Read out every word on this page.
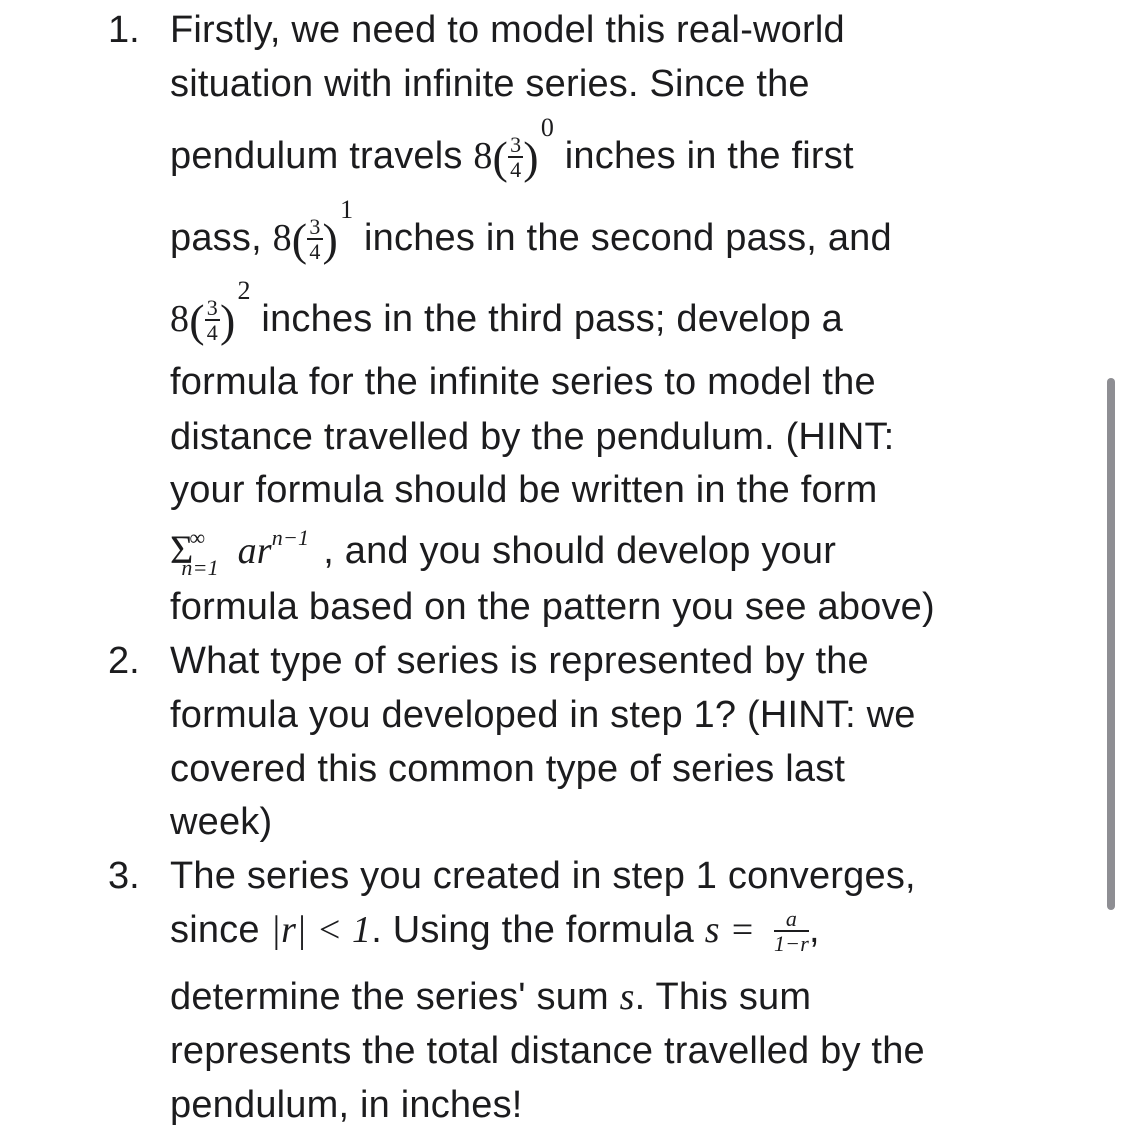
1. Firstly, we need to model this real-world
situation with infinite series. Since the
pendulum travels $8( \frac{3}{4} )^0$ inches in the first
pass, $8( \frac{3}{4} )^1$ inches in the second pass, and
$8( \frac{3}{4} )^2$ inches in the third pass; develop a
formula for the infinite series to model the
distance travelled by the pendulum. (HINT:
your formula should be written in the form
$\Sigma^\infty_{n=1}$ $ar^{n-1}$ , and you should develop your
formula based on the pattern you see above)
2. What type of series is represented by the
formula you developed in step 1? (HINT: we
covered this common type of series last
week)
3. The series you created in step 1 converges,
since |r| < 1. Using the formula $s = \frac{a}{1-r}$ ,
determine the series' sum s. This sum
represents the total distance travelled by the
pendulum, in inches!
